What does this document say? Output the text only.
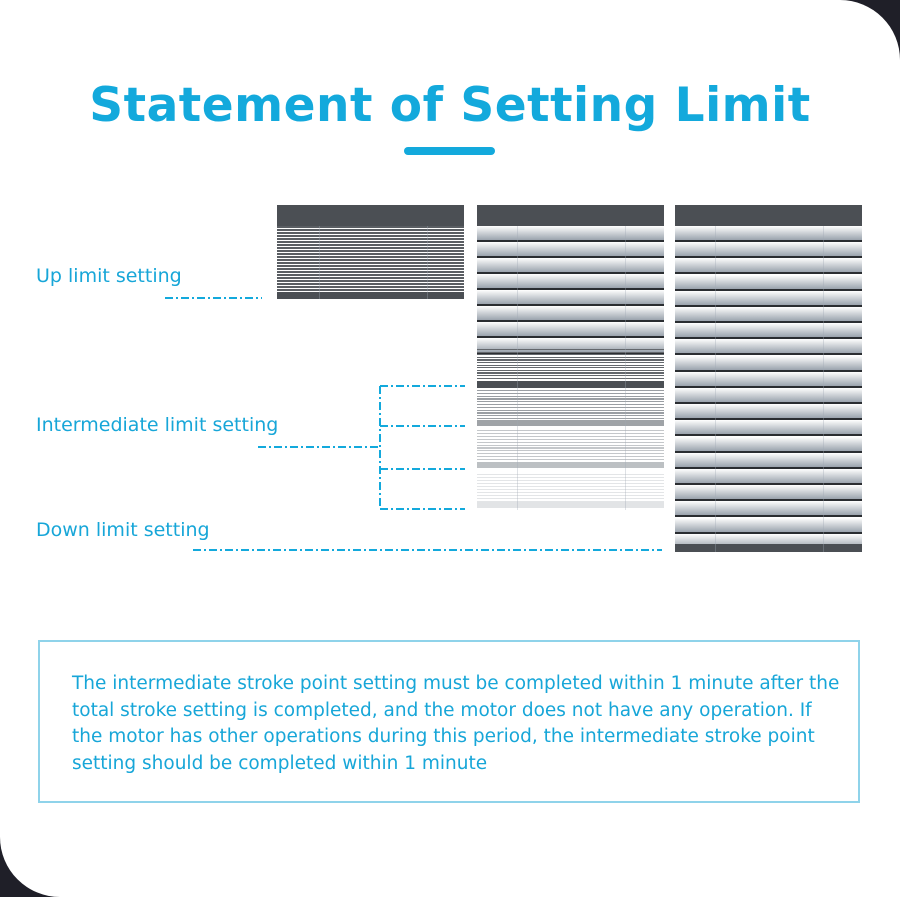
Statement of Setting Limit
Up limit setting
Intermediate limit setting
Down limit setting
The intermediate stroke point setting must be completed within 1 minute after the total stroke setting is completed, and the motor does not have any operation. If the motor has other operations during this period, the intermediate stroke point setting should be completed within 1 minute
